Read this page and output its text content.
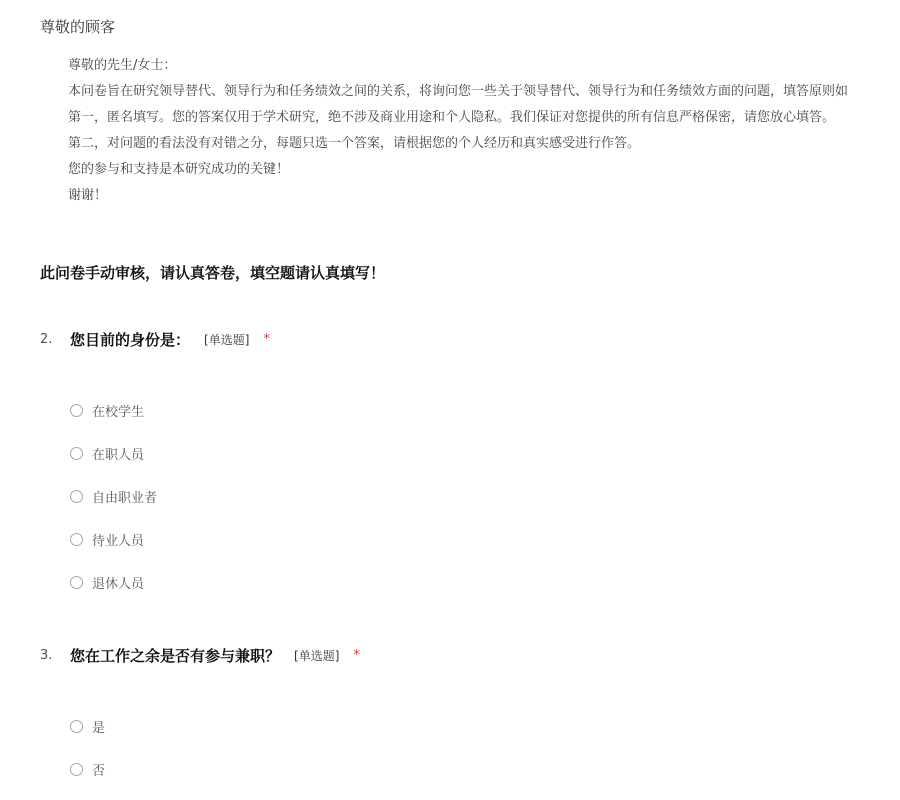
尊敬的顾客
尊敬的先生/女士：
本问卷旨在研究领导替代、领导行为和任务绩效之间的关系，将询问您一些关于领导替代、领导行为和任务绩效方面的问题，填答原则如
第一，匿名填写。您的答案仅用于学术研究，绝不涉及商业用途和个人隐私。我们保证对您提供的所有信息严格保密，请您放心填答。
第二，对问题的看法没有对错之分，每题只选一个答案，请根据您的个人经历和真实感受进行作答。
您的参与和支持是本研究成功的关键！
谢谢！
此问卷手动审核，请认真答卷，填空题请认真填写！
2.	您目前的身份是： [单选题] *
在校学生
在职人员
自由职业者
待业人员
退休人员
3.	您在工作之余是否有参与兼职？ [单选题] *
是
否
